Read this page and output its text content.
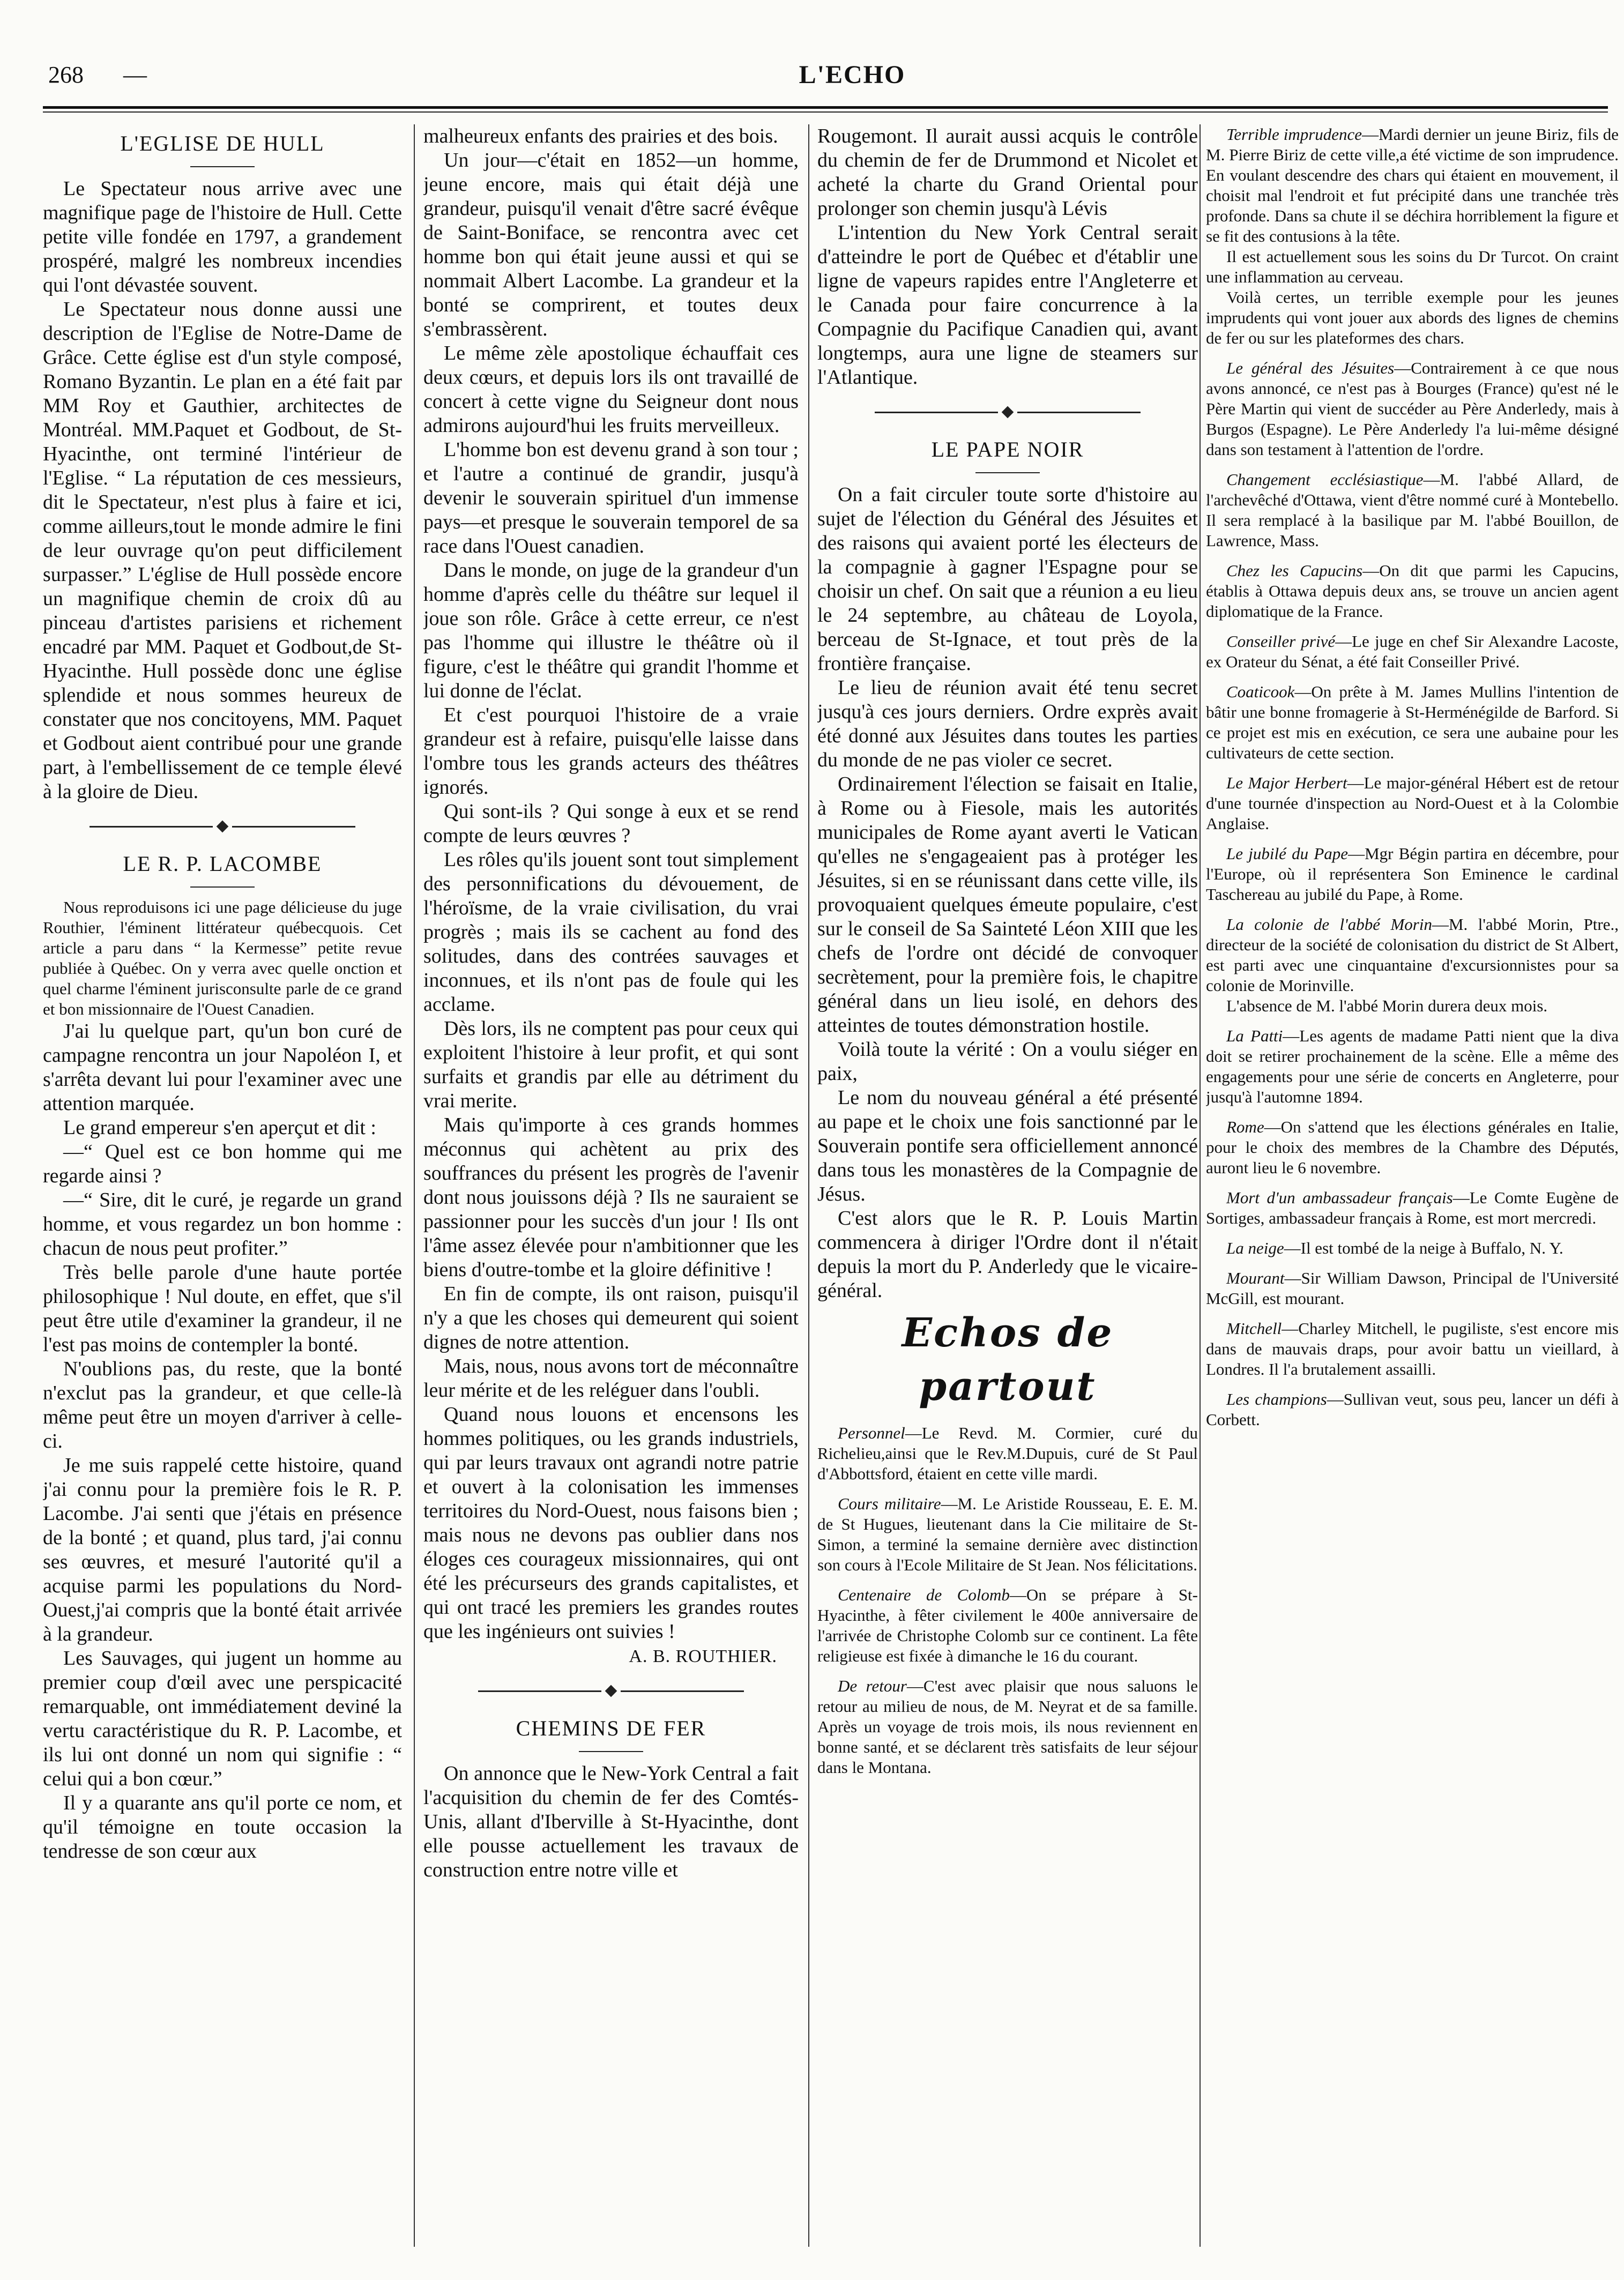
268 —	L'ECHO
L'EGLISE DE HULL

Le Spectateur nous arrive avec une magnifique page de l'histoire de Hull. Cette petite ville fondée en 1797, a grandement prospéré, malgré les nombreux incendies qui l'ont dévastée souvent.

Le Spectateur nous donne aussi une description de l'Eglise de Notre-Dame de Grâce. Cette église est d'un style composé, Romano Byzantin. Le plan en a été fait par MM Roy et Gauthier, architectes de Montréal. MM.Paquet et Godbout, de St-Hyacinthe, ont terminé l'intérieur de l'Eglise. “ La réputation de ces messieurs, dit le Spectateur, n'est plus à faire et ici, comme ailleurs,tout le monde admire le fini de leur ouvrage qu'on peut difficilement surpasser.” L'église de Hull possède encore un magnifique chemin de croix dû au pinceau d'artistes parisiens et richement encadré par MM. Paquet et Godbout,de St-Hyacinthe. Hull possède donc une église splendide et nous sommes heureux de constater que nos concitoyens, MM. Paquet et Godbout aient contribué pour une grande part, à l'embellissement de ce temple élevé à la gloire de Dieu.

LE R. P. LACOMBE

Nous reproduisons ici une page délicieuse du juge Routhier, l'éminent littérateur québecquois. Cet article a paru dans “ la Kermesse” petite revue publiée à Québec. On y verra avec quelle onction et quel charme l'éminent jurisconsulte parle de ce grand et bon missionnaire de l'Ouest Canadien.

J'ai lu quelque part, qu'un bon curé de campagne rencontra un jour Napoléon I, et s'arrêta devant lui pour l'examiner avec une attention marquée.

Le grand empereur s'en aperçut et dit :

—“ Quel est ce bon homme qui me regarde ainsi ?

—“ Sire, dit le curé, je regarde un grand homme, et vous regardez un bon homme : chacun de nous peut profiter.”

Très belle parole d'une haute portée philosophique ! Nul doute, en effet, que s'il peut être utile d'examiner la grandeur, il ne l'est pas moins de contempler la bonté.

N'oublions pas, du reste, que la bonté n'exclut pas la grandeur, et que celle-là même peut être un moyen d'arriver à celle-ci.

Je me suis rappelé cette histoire, quand j'ai connu pour la première fois le R. P. Lacombe. J'ai senti que j'étais en présence de la bonté ; et quand, plus tard, j'ai connu ses œuvres, et mesuré l'autorité qu'il a acquise parmi les populations du Nord-Ouest,j'ai compris que la bonté était arrivée à la grandeur.

Les Sauvages, qui jugent un homme au premier coup d'œil avec une perspicacité remarquable, ont immédiatement deviné la vertu caractéristique du R. P. Lacombe, et ils lui ont donné un nom qui signifie : “ celui qui a bon cœur.”

Il y a quarante ans qu'il porte ce nom, et qu'il témoigne en toute occasion la tendresse de son cœur aux

malheureux enfants des prairies et des bois.

Un jour—c'était en 1852—un homme, jeune encore, mais qui était déjà une grandeur, puisqu'il venait d'être sacré évêque de Saint-Boniface, se rencontra avec cet homme bon qui était jeune aussi et qui se nommait Albert Lacombe. La grandeur et la bonté se comprirent, et toutes deux s'embrassèrent.

Le même zèle apostolique échauffait ces deux cœurs, et depuis lors ils ont travaillé de concert à cette vigne du Seigneur dont nous admirons aujourd'hui les fruits merveilleux.

L'homme bon est devenu grand à son tour ; et l'autre a continué de grandir, jusqu'à devenir le souverain spirituel d'un immense pays—et presque le souverain temporel de sa race dans l'Ouest canadien.

Dans le monde, on juge de la grandeur d'un homme d'après celle du théâtre sur lequel il joue son rôle. Grâce à cette erreur, ce n'est pas l'homme qui illustre le théâtre où il figure, c'est le théâtre qui grandit l'homme et lui donne de l'éclat.

Et c'est pourquoi l'histoire de a vraie grandeur est à refaire, puisqu'elle laisse dans l'ombre tous les grands acteurs des théâtres ignorés.

Qui sont-ils ? Qui songe à eux et se rend compte de leurs œuvres ?

Les rôles qu'ils jouent sont tout simplement des personnifications du dévouement, de l'héroïsme, de la vraie civilisation, du vrai progrès ; mais ils se cachent au fond des solitudes, dans des contrées sauvages et inconnues, et ils n'ont pas de foule qui les acclame.

Dès lors, ils ne comptent pas pour ceux qui exploitent l'histoire à leur profit, et qui sont surfaits et grandis par elle au détriment du vrai merite.

Mais qu'importe à ces grands hommes méconnus qui achètent au prix des souffrances du présent les progrès de l'avenir dont nous jouissons déjà ? Ils ne sauraient se passionner pour les succès d'un jour ! Ils ont l'âme assez élevée pour n'ambitionner que les biens d'outre-tombe et la gloire définitive !

En fin de compte, ils ont raison, puisqu'il n'y a que les choses qui demeurent qui soient dignes de notre attention.

Mais, nous, nous avons tort de méconnaître leur mérite et de les reléguer dans l'oubli.

Quand nous louons et encensons les hommes politiques, ou les grands industriels, qui par leurs travaux ont agrandi notre patrie et ouvert à la colonisation les immenses territoires du Nord-Ouest, nous faisons bien ; mais nous ne devons pas oublier dans nos éloges ces courageux missionnaires, qui ont été les précurseurs des grands capitalistes, et qui ont tracé les premiers les grandes routes que les ingénieurs ont suivies !

A. B. ROUTHIER.
CHEMINS DE FER

On annonce que le New-York Central a fait l'acquisition du chemin de fer des Comtés-Unis, allant d'Iberville à St-Hyacinthe, dont elle pousse actuellement les travaux de construction entre notre ville et

Rougemont. Il aurait aussi acquis le contrôle du chemin de fer de Drummond et Nicolet et acheté la charte du Grand Oriental pour prolonger son chemin jusqu'à Lévis

L'intention du New York Central serait d'atteindre le port de Québec et d'établir une ligne de vapeurs rapides entre l'Angleterre et le Canada pour faire concurrence à la Compagnie du Pacifique Canadien qui, avant longtemps, aura une ligne de steamers sur l'Atlantique.

LE PAPE NOIR

On a fait circuler toute sorte d'histoire au sujet de l'élection du Général des Jésuites et des raisons qui avaient porté les électeurs de la compagnie à gagner l'Espagne pour se choisir un chef. On sait que a réunion a eu lieu le 24 septembre, au château de Loyola, berceau de St-Ignace, et tout près de la frontière française.

Le lieu de réunion avait été tenu secret jusqu'à ces jours derniers. Ordre exprès avait été donné aux Jésuites dans toutes les parties du monde de ne pas violer ce secret.

Ordinairement l'élection se faisait en Italie, à Rome ou à Fiesole, mais les autorités municipales de Rome ayant averti le Vatican qu'elles ne s'engageaient pas à protéger les Jésuites, si en se réunissant dans cette ville, ils provoquaient quelques émeute populaire, c'est sur le conseil de Sa Sainteté Léon XIII que les chefs de l'ordre ont décidé de convoquer secrètement, pour la première fois, le chapitre général dans un lieu isolé, en dehors des atteintes de toutes démonstration hostile.

Voilà toute la vérité : On a voulu siéger en paix,

Le nom du nouveau général a été présenté au pape et le choix une fois sanctionné par le Souverain pontife sera officiellement annoncé dans tous les monastères de la Compagnie de Jésus.

C'est alors que le R. P. Louis Martin commencera à diriger l'Ordre dont il n'était depuis la mort du P. Anderledy que le vicaire-général.

Echos de partout

Personnel—Le Revd. M. Cormier, curé du Richelieu,ainsi que le Rev.M.Dupuis, curé de St Paul d'Abbottsford, étaient en cette ville mardi.

Cours militaire—M. Le Aristide Rousseau, E. E. M. de St Hugues, lieutenant dans la Cie militaire de St-Simon, a terminé la semaine dernière avec distinction son cours à l'Ecole Militaire de St Jean. Nos félicitations.

Centenaire de Colomb—On se prépare à St-Hyacinthe, à fêter civilement le 400e anniversaire de l'arrivée de Christophe Colomb sur ce continent. La fête religieuse est fixée à dimanche le 16 du courant.

De retour—C'est avec plaisir que nous saluons le retour au milieu de nous, de M. Neyrat et de sa famille. Après un voyage de trois mois, ils nous reviennent en bonne santé, et se déclarent très satisfaits de leur séjour dans le Montana.

Terrible imprudence—Mardi dernier un jeune Biriz, fils de M. Pierre Biriz de cette ville,a été victime de son imprudence. En voulant descendre des chars qui étaient en mouvement, il choisit mal l'endroit et fut précipité dans une tranchée très profonde. Dans sa chute il se déchira horriblement la figure et se fit des contusions à la tête.

Il est actuellement sous les soins du Dr Turcot. On craint une inflammation au cerveau.

Voilà certes, un terrible exemple pour les jeunes imprudents qui vont jouer aux abords des lignes de chemins de fer ou sur les plateformes des chars.

Le général des Jésuites—Contrairement à ce que nous avons annoncé, ce n'est pas à Bourges (France) qu'est né le Père Martin qui vient de succéder au Père Anderledy, mais à Burgos (Espagne). Le Père Anderledy l'a lui-même désigné dans son testament à l'attention de l'ordre.

Changement ecclésiastique—M. l'abbé Allard, de l'archevêché d'Ottawa, vient d'être nommé curé à Montebello. Il sera remplacé à la basilique par M. l'abbé Bouillon, de Lawrence, Mass.

Chez les Capucins—On dit que parmi les Capucins, établis à Ottawa depuis deux ans, se trouve un ancien agent diplomatique de la France.

Conseiller privé—Le juge en chef Sir Alexandre Lacoste, ex Orateur du Sénat, a été fait Conseiller Privé.

Coaticook—On prête à M. James Mullins l'intention de bâtir une bonne fromagerie à St-Herménégilde de Barford. Si ce projet est mis en exécution, ce sera une aubaine pour les cultivateurs de cette section.

Le Major Herbert—Le major-général Hébert est de retour d'une tournée d'inspection au Nord-Ouest et à la Colombie Anglaise.

Le jubilé du Pape—Mgr Bégin partira en décembre, pour l'Europe, où il représentera Son Eminence le cardinal Taschereau au jubilé du Pape, à Rome.

La colonie de l'abbé Morin—M. l'abbé Morin, Ptre., directeur de la société de colonisation du district de St Albert, est parti avec une cinquantaine d'excursionnistes pour sa colonie de Morinville.

L'absence de M. l'abbé Morin durera deux mois.

La Patti—Les agents de madame Patti nient que la diva doit se retirer prochainement de la scène. Elle a même des engagements pour une série de concerts en Angleterre, pour jusqu'à l'automne 1894.

Rome—On s'attend que les élections générales en Italie, pour le choix des membres de la Chambre des Députés, auront lieu le 6 novembre.

Mort d'un ambassadeur français—Le Comte Eugène de Sortiges, ambassadeur français à Rome, est mort mercredi.

La neige—Il est tombé de la neige à Buffalo, N. Y.

Mourant—Sir William Dawson, Principal de l'Université McGill, est mourant.

Mitchell—Charley Mitchell, le pugiliste, s'est encore mis dans de mauvais draps, pour avoir battu un vieillard, à Londres. Il l'a brutalement assailli.

Les champions—Sullivan veut, sous peu, lancer un défi à Corbett.
